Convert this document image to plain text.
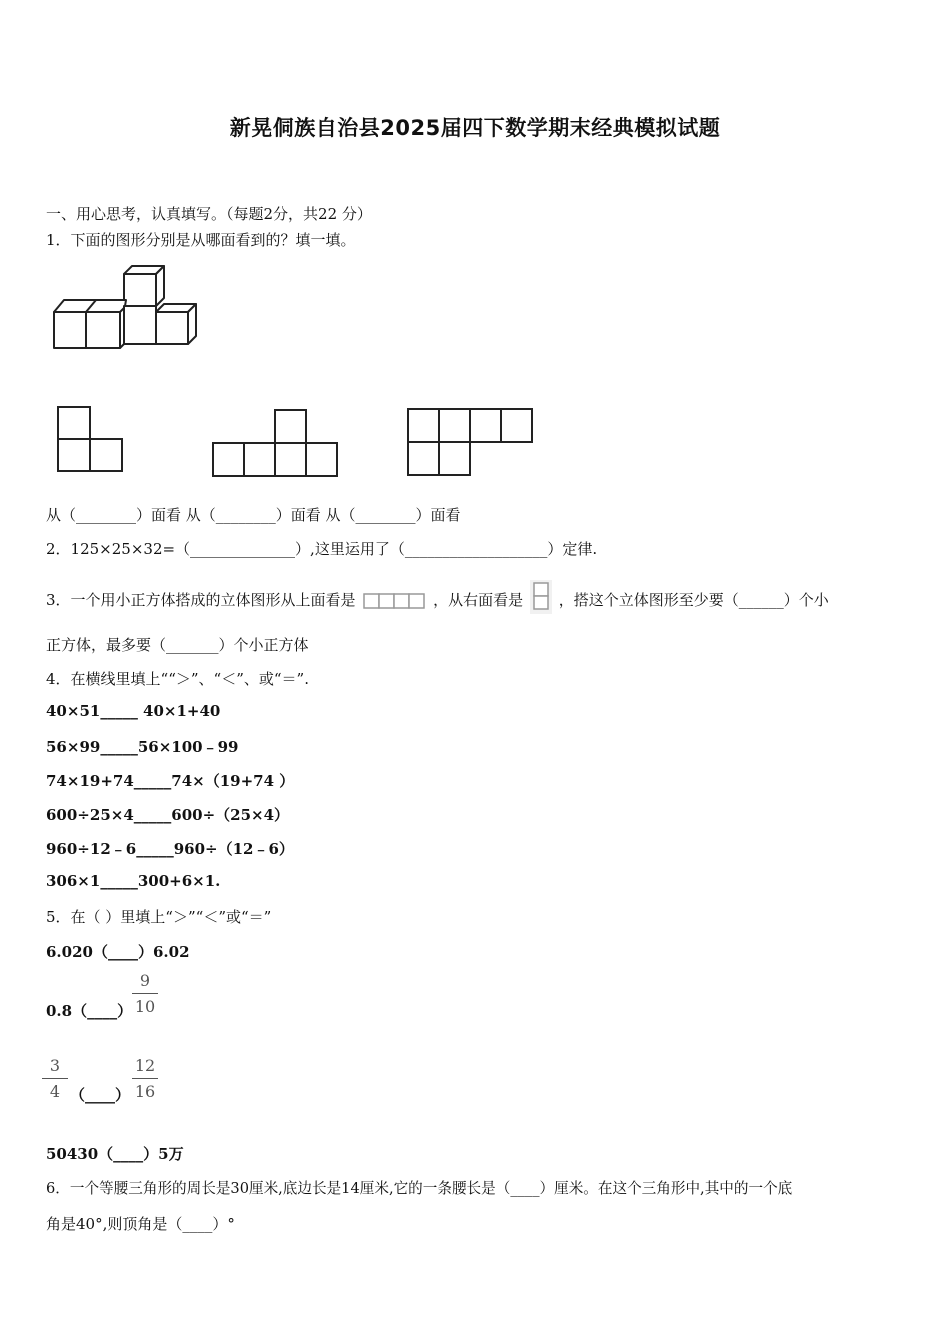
新晃侗族自治县2025届四下数学期末经典模拟试题
一、用心思考，认真填写。（每题2分，共22 分）
1．下面的图形分别是从哪面看到的？填一填。
从（________）面看 从（________）面看 从（________）面看
2．125×25×32=（______________）,这里运用了（___________________）定律.
3．一个用小正方体搭成的立体图形从上面看是	，从右面看是 ，搭这个立体图形至少要（______）个小
正方体，最多要（_______）个小正方体
4．在横线里填上““＞”、“＜”、或“＝”.
40×51_____ 40×1+40
56×99_____56×100﹣99
74×19+74_____74×（19+74 ）
600÷25×4_____600÷（25×4）
960÷12﹣6_____960÷（12﹣6）
306×1_____300+6×1.
5．在（ ）里填上“＞”“＜”或“＝”
6.020（____）6.02
0.8（____）
9
10
3
4 （____）
12
16
50430（____）5万
6．一个等腰三角形的周长是30厘米,底边长是14厘米,它的一条腰长是（____）厘米。在这个三角形中,其中的一个底
角是40°,则顶角是（____）°
